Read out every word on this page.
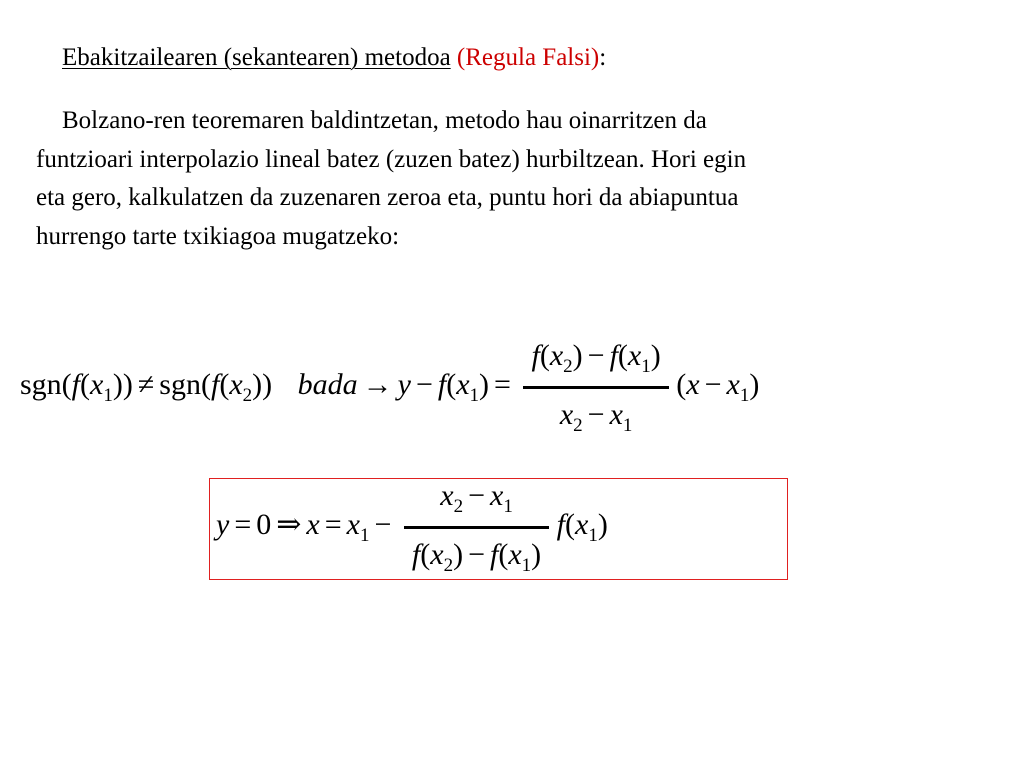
Ebakitzailearen (sekantearen) metodoa (Regula Falsi):
Bolzano-ren teoremaren baldintzetan, metodo hau oinarritzen da
funtzioari interpolazio lineal batez (zuzen batez) hurbiltzean. Hori egin
eta gero, kalkulatzen da zuzenaren zeroa eta, puntu hori da abiapuntua
hurrengo tarte txikiagoa mugatzeko:
$sgn(f(x_1)) \ne sgn(f(x_2))$ bada → $y - f(x_1) = \frac{f(x_2) - f(x_1)}{x_2 - x_1} (x - x_1)$
y = 0 ⇒ $x = x_1 - \frac{x_2 - x_1}{f(x_2) - f(x_1)} f(x_1)$
